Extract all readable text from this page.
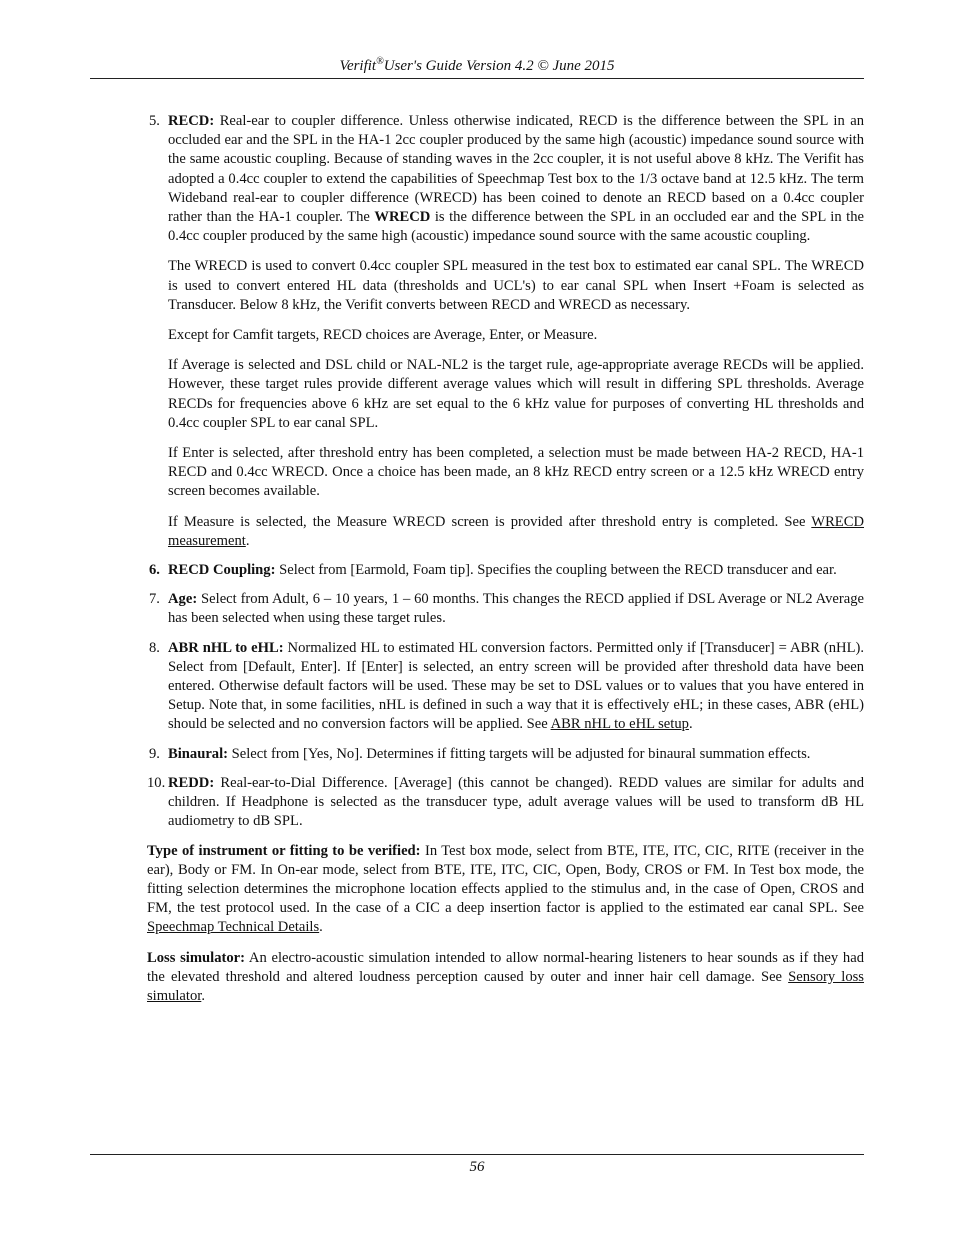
Verifit®User's Guide Version 4.2 © June 2015
5. RECD: Real-ear to coupler difference. Unless otherwise indicated, RECD is the difference between the SPL in an occluded ear and the SPL in the HA-1 2cc coupler produced by the same high (acoustic) impedance sound source with the same acoustic coupling. Because of standing waves in the 2cc coupler, it is not useful above 8 kHz. The Verifit has adopted a 0.4cc coupler to extend the capabilities of Speechmap Test box to the 1/3 octave band at 12.5 kHz. The term Wideband real-ear to coupler difference (WRECD) has been coined to denote an RECD based on a 0.4cc coupler rather than the HA-1 coupler. The WRECD is the difference between the SPL in an occluded ear and the SPL in the 0.4cc coupler produced by the same high (acoustic) impedance sound source with the same acoustic coupling.

The WRECD is used to convert 0.4cc coupler SPL measured in the test box to estimated ear canal SPL. The WRECD is used to convert entered HL data (thresholds and UCL's) to ear canal SPL when Insert +Foam is selected as Transducer. Below 8 kHz, the Verifit converts between RECD and WRECD as necessary.

Except for Camfit targets, RECD choices are Average, Enter, or Measure.

If Average is selected and DSL child or NAL-NL2 is the target rule, age-appropriate average RECDs will be applied. However, these target rules provide different average values which will result in differing SPL thresholds. Average RECDs for frequencies above 6 kHz are set equal to the 6 kHz value for purposes of converting HL thresholds and 0.4cc coupler SPL to ear canal SPL.

If Enter is selected, after threshold entry has been completed, a selection must be made between HA-2 RECD, HA-1 RECD and 0.4cc WRECD. Once a choice has been made, an 8 kHz RECD entry screen or a 12.5 kHz WRECD entry screen becomes available.

If Measure is selected, the Measure WRECD screen is provided after threshold entry is completed. See WRECD measurement.

6. RECD Coupling: Select from [Earmold, Foam tip]. Specifies the coupling between the RECD transducer and ear.

7. Age: Select from Adult, 6 – 10 years, 1 – 60 months. This changes the RECD applied if DSL Average or NL2 Average has been selected when using these target rules.

8. ABR nHL to eHL: Normalized HL to estimated HL conversion factors. Permitted only if [Transducer] = ABR (nHL). Select from [Default, Enter]. If [Enter] is selected, an entry screen will be provided after threshold data have been entered. Otherwise default factors will be used. These may be set to DSL values or to values that you have entered in Setup. Note that, in some facilities, nHL is defined in such a way that it is effectively eHL; in these cases, ABR (eHL) should be selected and no conversion factors will be applied. See ABR nHL to eHL setup.

9. Binaural: Select from [Yes, No]. Determines if fitting targets will be adjusted for binaural summation effects.

10. REDD: Real-ear-to-Dial Difference. [Average] (this cannot be changed). REDD values are similar for adults and children. If Headphone is selected as the transducer type, adult average values will be used to transform dB HL audiometry to dB SPL.

Type of instrument or fitting to be verified: In Test box mode, select from BTE, ITE, ITC, CIC, RITE (receiver in the ear), Body or FM. In On-ear mode, select from BTE, ITE, ITC, CIC, Open, Body, CROS or FM. In Test box mode, the fitting selection determines the microphone location effects applied to the stimulus and, in the case of Open, CROS and FM, the test protocol used. In the case of a CIC a deep insertion factor is applied to the estimated ear canal SPL. See Speechmap Technical Details.

Loss simulator: An electro-acoustic simulation intended to allow normal-hearing listeners to hear sounds as if they had the elevated threshold and altered loudness perception caused by outer and inner hair cell damage. See Sensory loss simulator.

56
